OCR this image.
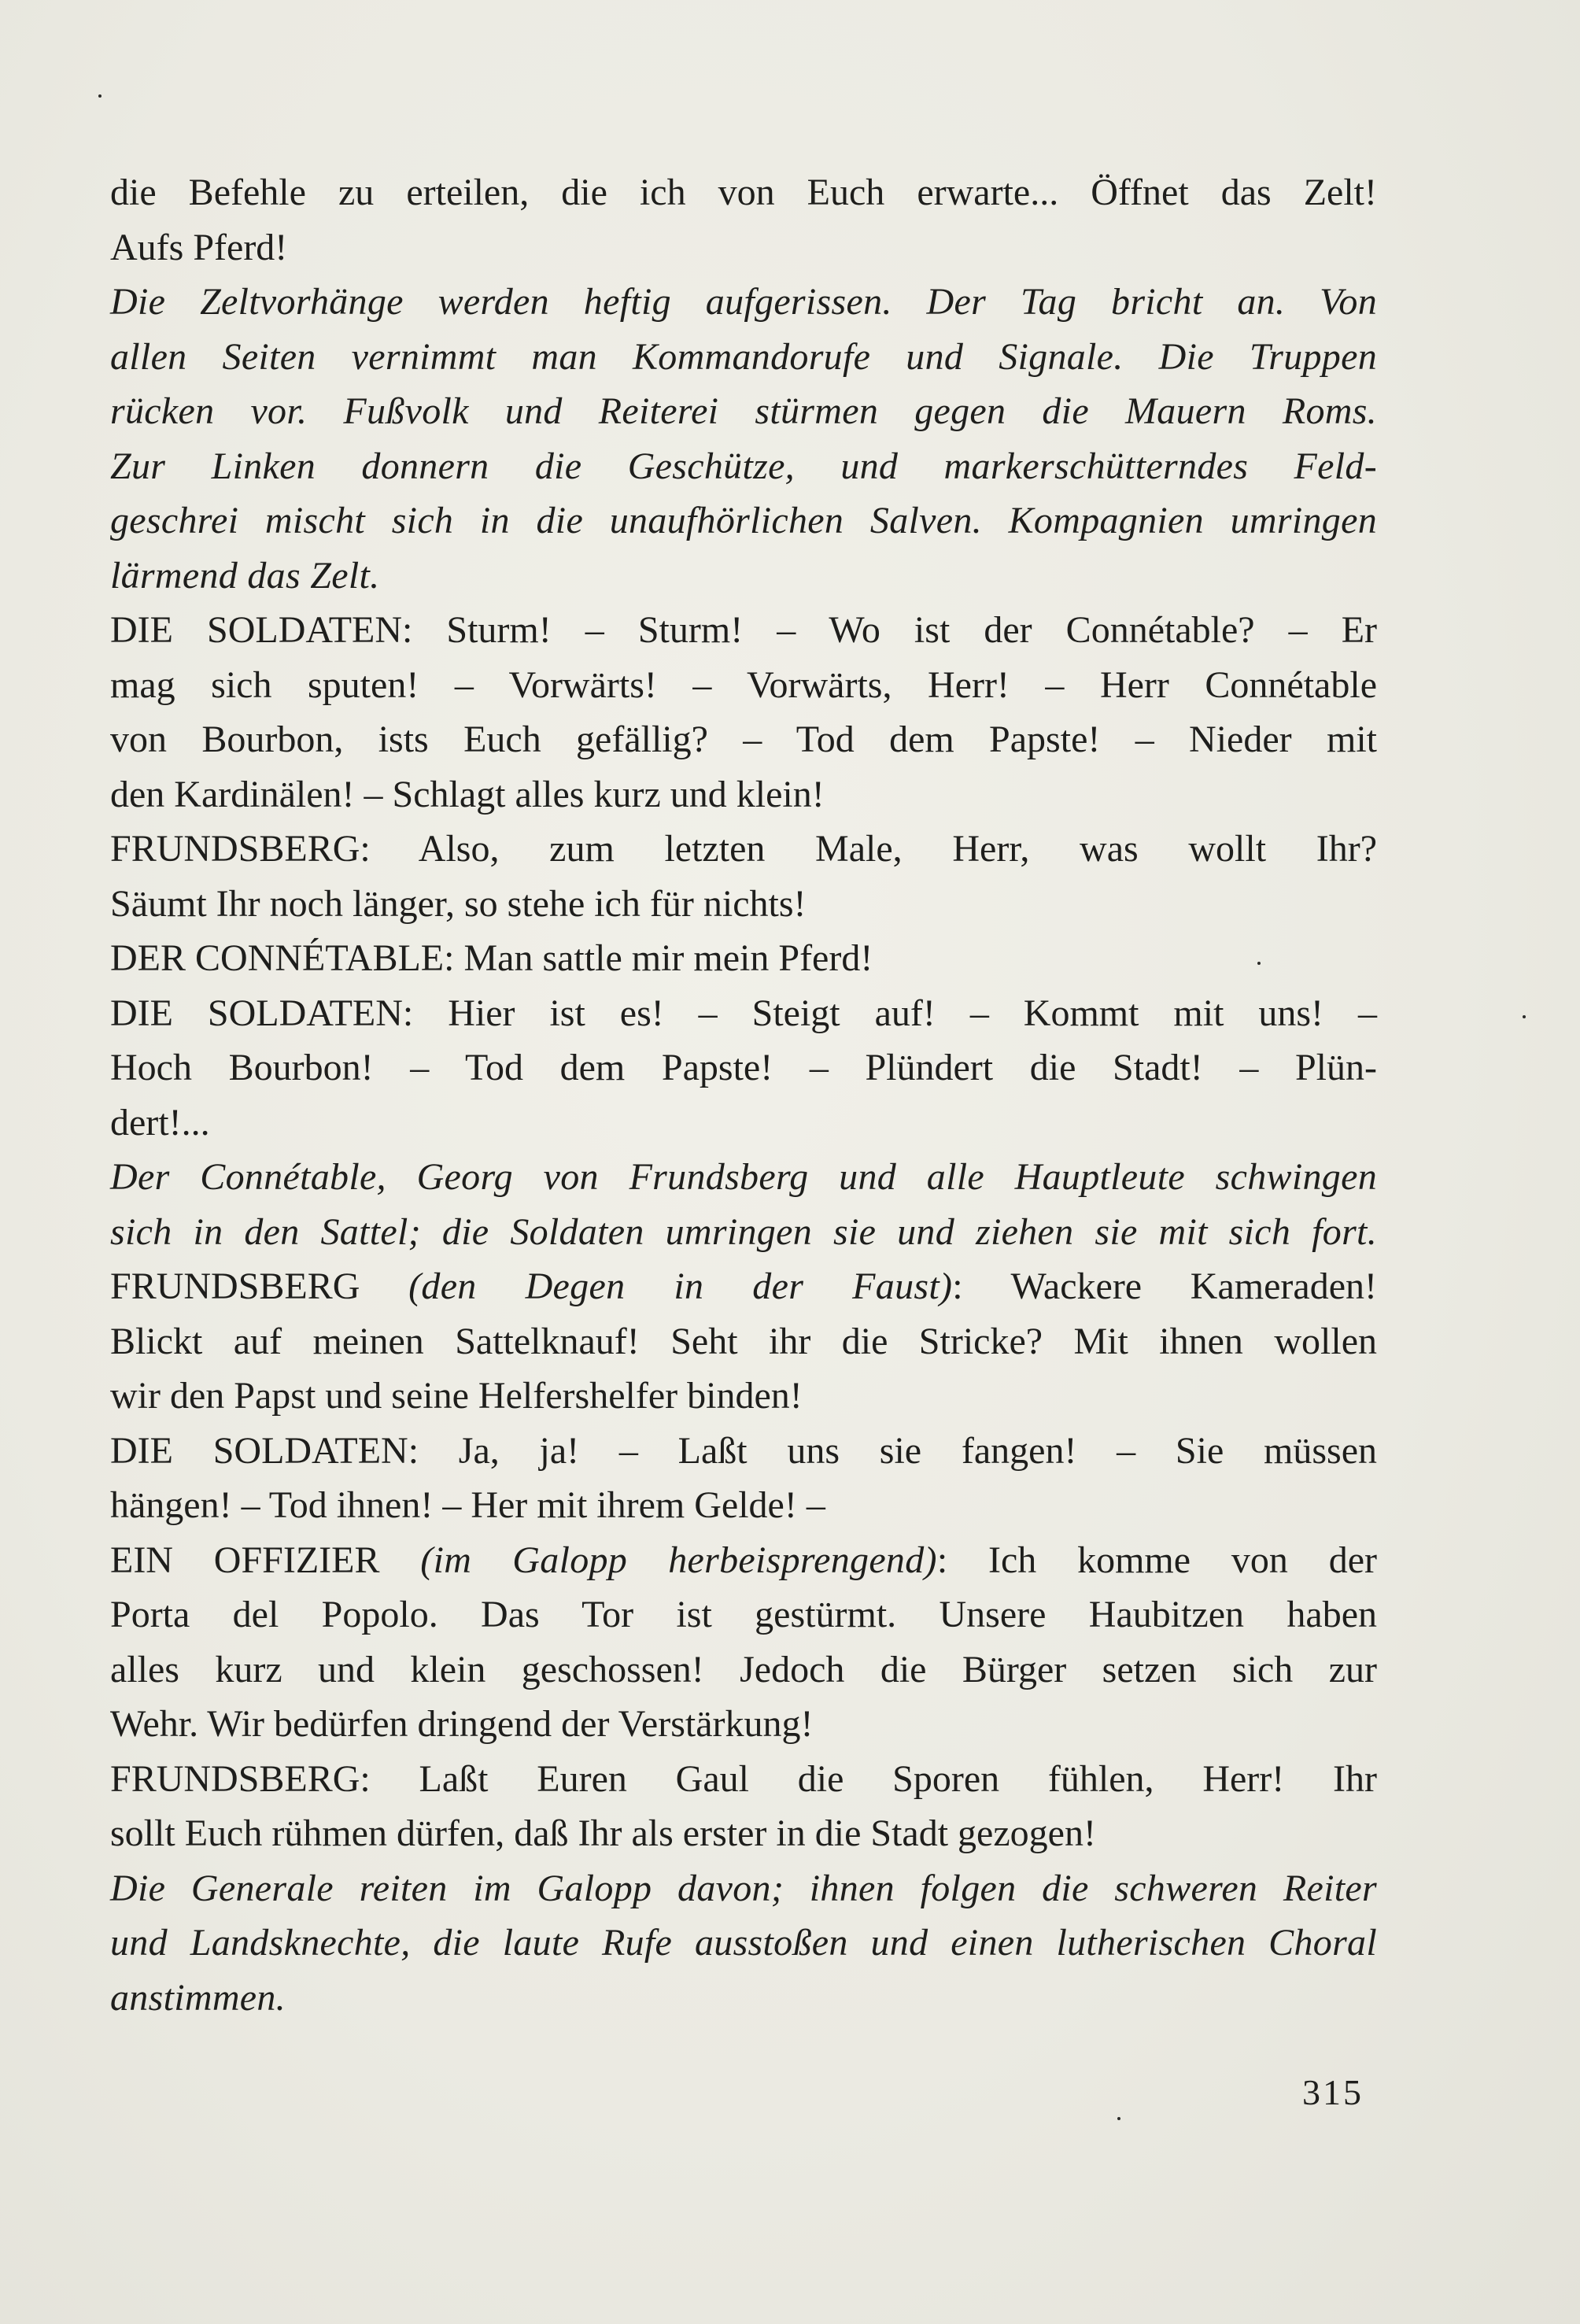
die Befehle zu erteilen, die ich von Euch erwarte... Öffnet das Zelt!
Aufs Pferd!
Die Zeltvorhänge werden heftig aufgerissen. Der Tag bricht an. Von
allen Seiten vernimmt man Kommandorufe und Signale. Die Truppen
rücken vor. Fußvolk und Reiterei stürmen gegen die Mauern Roms.
Zur Linken donnern die Geschütze, und markerschütterndes Feld-
geschrei mischt sich in die unaufhörlichen Salven. Kompagnien umringen
lärmend das Zelt.
DIE SOLDATEN: Sturm! – Sturm! – Wo ist der Connétable? – Er
mag sich sputen! – Vorwärts! – Vorwärts, Herr! – Herr Connétable
von Bourbon, ists Euch gefällig? – Tod dem Papste! – Nieder mit
den Kardinälen! – Schlagt alles kurz und klein!
FRUNDSBERG: Also, zum letzten Male, Herr, was wollt Ihr?
Säumt Ihr noch länger, so stehe ich für nichts!
DER CONNÉTABLE: Man sattle mir mein Pferd!
DIE SOLDATEN: Hier ist es! – Steigt auf! – Kommt mit uns! –
Hoch Bourbon! – Tod dem Papste! – Plündert die Stadt! – Plün-
dert!...
Der Connétable, Georg von Frundsberg und alle Hauptleute schwingen
sich in den Sattel; die Soldaten umringen sie und ziehen sie mit sich fort.
FRUNDSBERG (den Degen in der Faust): Wackere Kameraden!
Blickt auf meinen Sattelknauf! Seht ihr die Stricke? Mit ihnen wollen
wir den Papst und seine Helfershelfer binden!
DIE SOLDATEN: Ja, ja! – Laßt uns sie fangen! – Sie müssen
hängen! – Tod ihnen! – Her mit ihrem Gelde! –
EIN OFFIZIER (im Galopp herbeisprengend): Ich komme von der
Porta del Popolo. Das Tor ist gestürmt. Unsere Haubitzen haben
alles kurz und klein geschossen! Jedoch die Bürger setzen sich zur
Wehr. Wir bedürfen dringend der Verstärkung!
FRUNDSBERG: Laßt Euren Gaul die Sporen fühlen, Herr! Ihr
sollt Euch rühmen dürfen, daß Ihr als erster in die Stadt gezogen!
Die Generale reiten im Galopp davon; ihnen folgen die schweren Reiter
und Landsknechte, die laute Rufe ausstoßen und einen lutherischen Choral
anstimmen.
315
